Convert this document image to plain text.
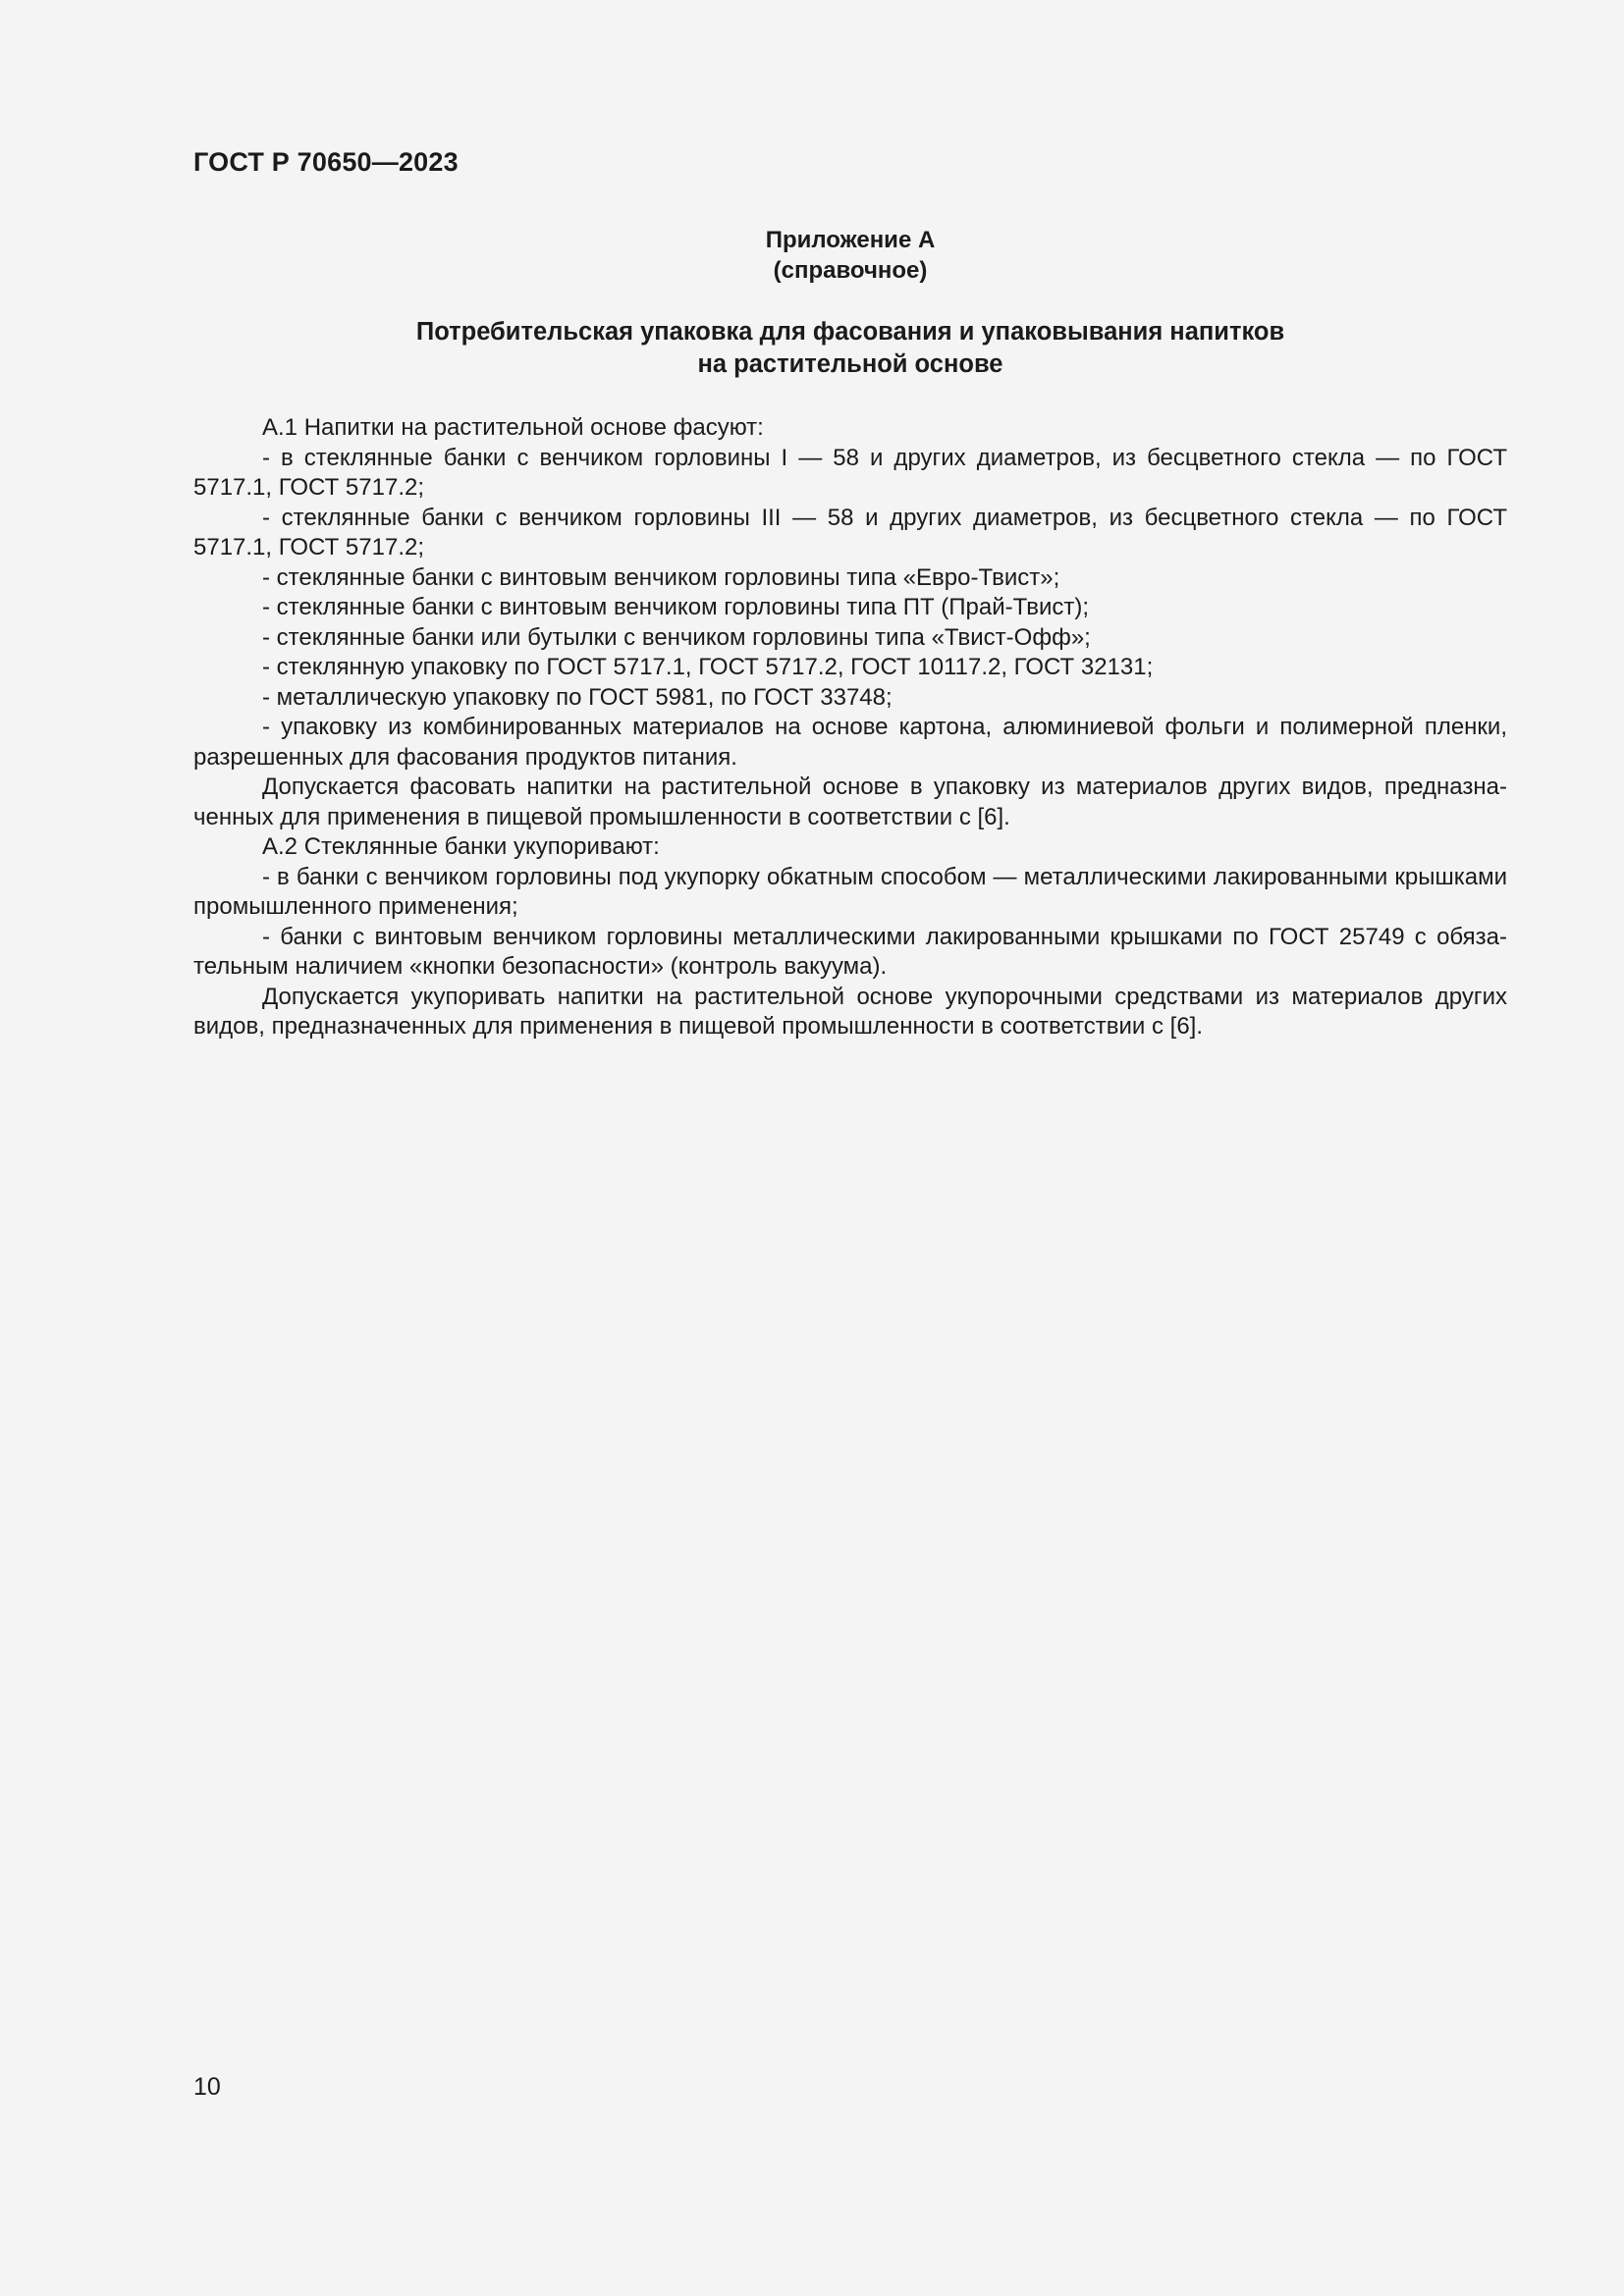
ГОСТ Р 70650—2023
Приложение А
(справочное)
Потребительская упаковка для фасования и упаковывания напитков
на растительной основе

А.1 Напитки на растительной основе фасуют:

- в стеклянные банки с венчиком горловины I — 58 и других диаметров, из бесцветного стекла — по ГОСТ 5717.1, ГОСТ 5717.2;

- стеклянные банки с венчиком горловины III — 58 и других диаметров, из бесцветного стекла — по ГОСТ 5717.1, ГОСТ 5717.2;

- стеклянные банки с винтовым венчиком горловины типа «Евро-Твист»;

- стеклянные банки с винтовым венчиком горловины типа ПТ (Прай-Твист);

- стеклянные банки или бутылки с венчиком горловины типа «Твист-Офф»;

- стеклянную упаковку по ГОСТ 5717.1, ГОСТ 5717.2, ГОСТ 10117.2, ГОСТ 32131;

- металлическую упаковку по ГОСТ 5981, по ГОСТ 33748;

- упаковку из комбинированных материалов на основе картона, алюминиевой фольги и полимерной пленки, разрешенных для фасования продуктов питания.

Допускается фасовать напитки на растительной основе в упаковку из материалов других видов, предназначенных для применения в пищевой промышленности в соответствии с [6].

А.2 Стеклянные банки укупоривают:

- в банки с венчиком горловины под укупорку обкатным способом — металлическими лакированными крышками промышленного применения;

- банки с винтовым венчиком горловины металлическими лакированными крышками по ГОСТ 25749 с обязательным наличием «кнопки безопасности» (контроль вакуума).

Допускается укупоривать напитки на растительной основе укупорочными средствами из материалов других видов, предназначенных для применения в пищевой промышленности в соответствии с [6].

10
